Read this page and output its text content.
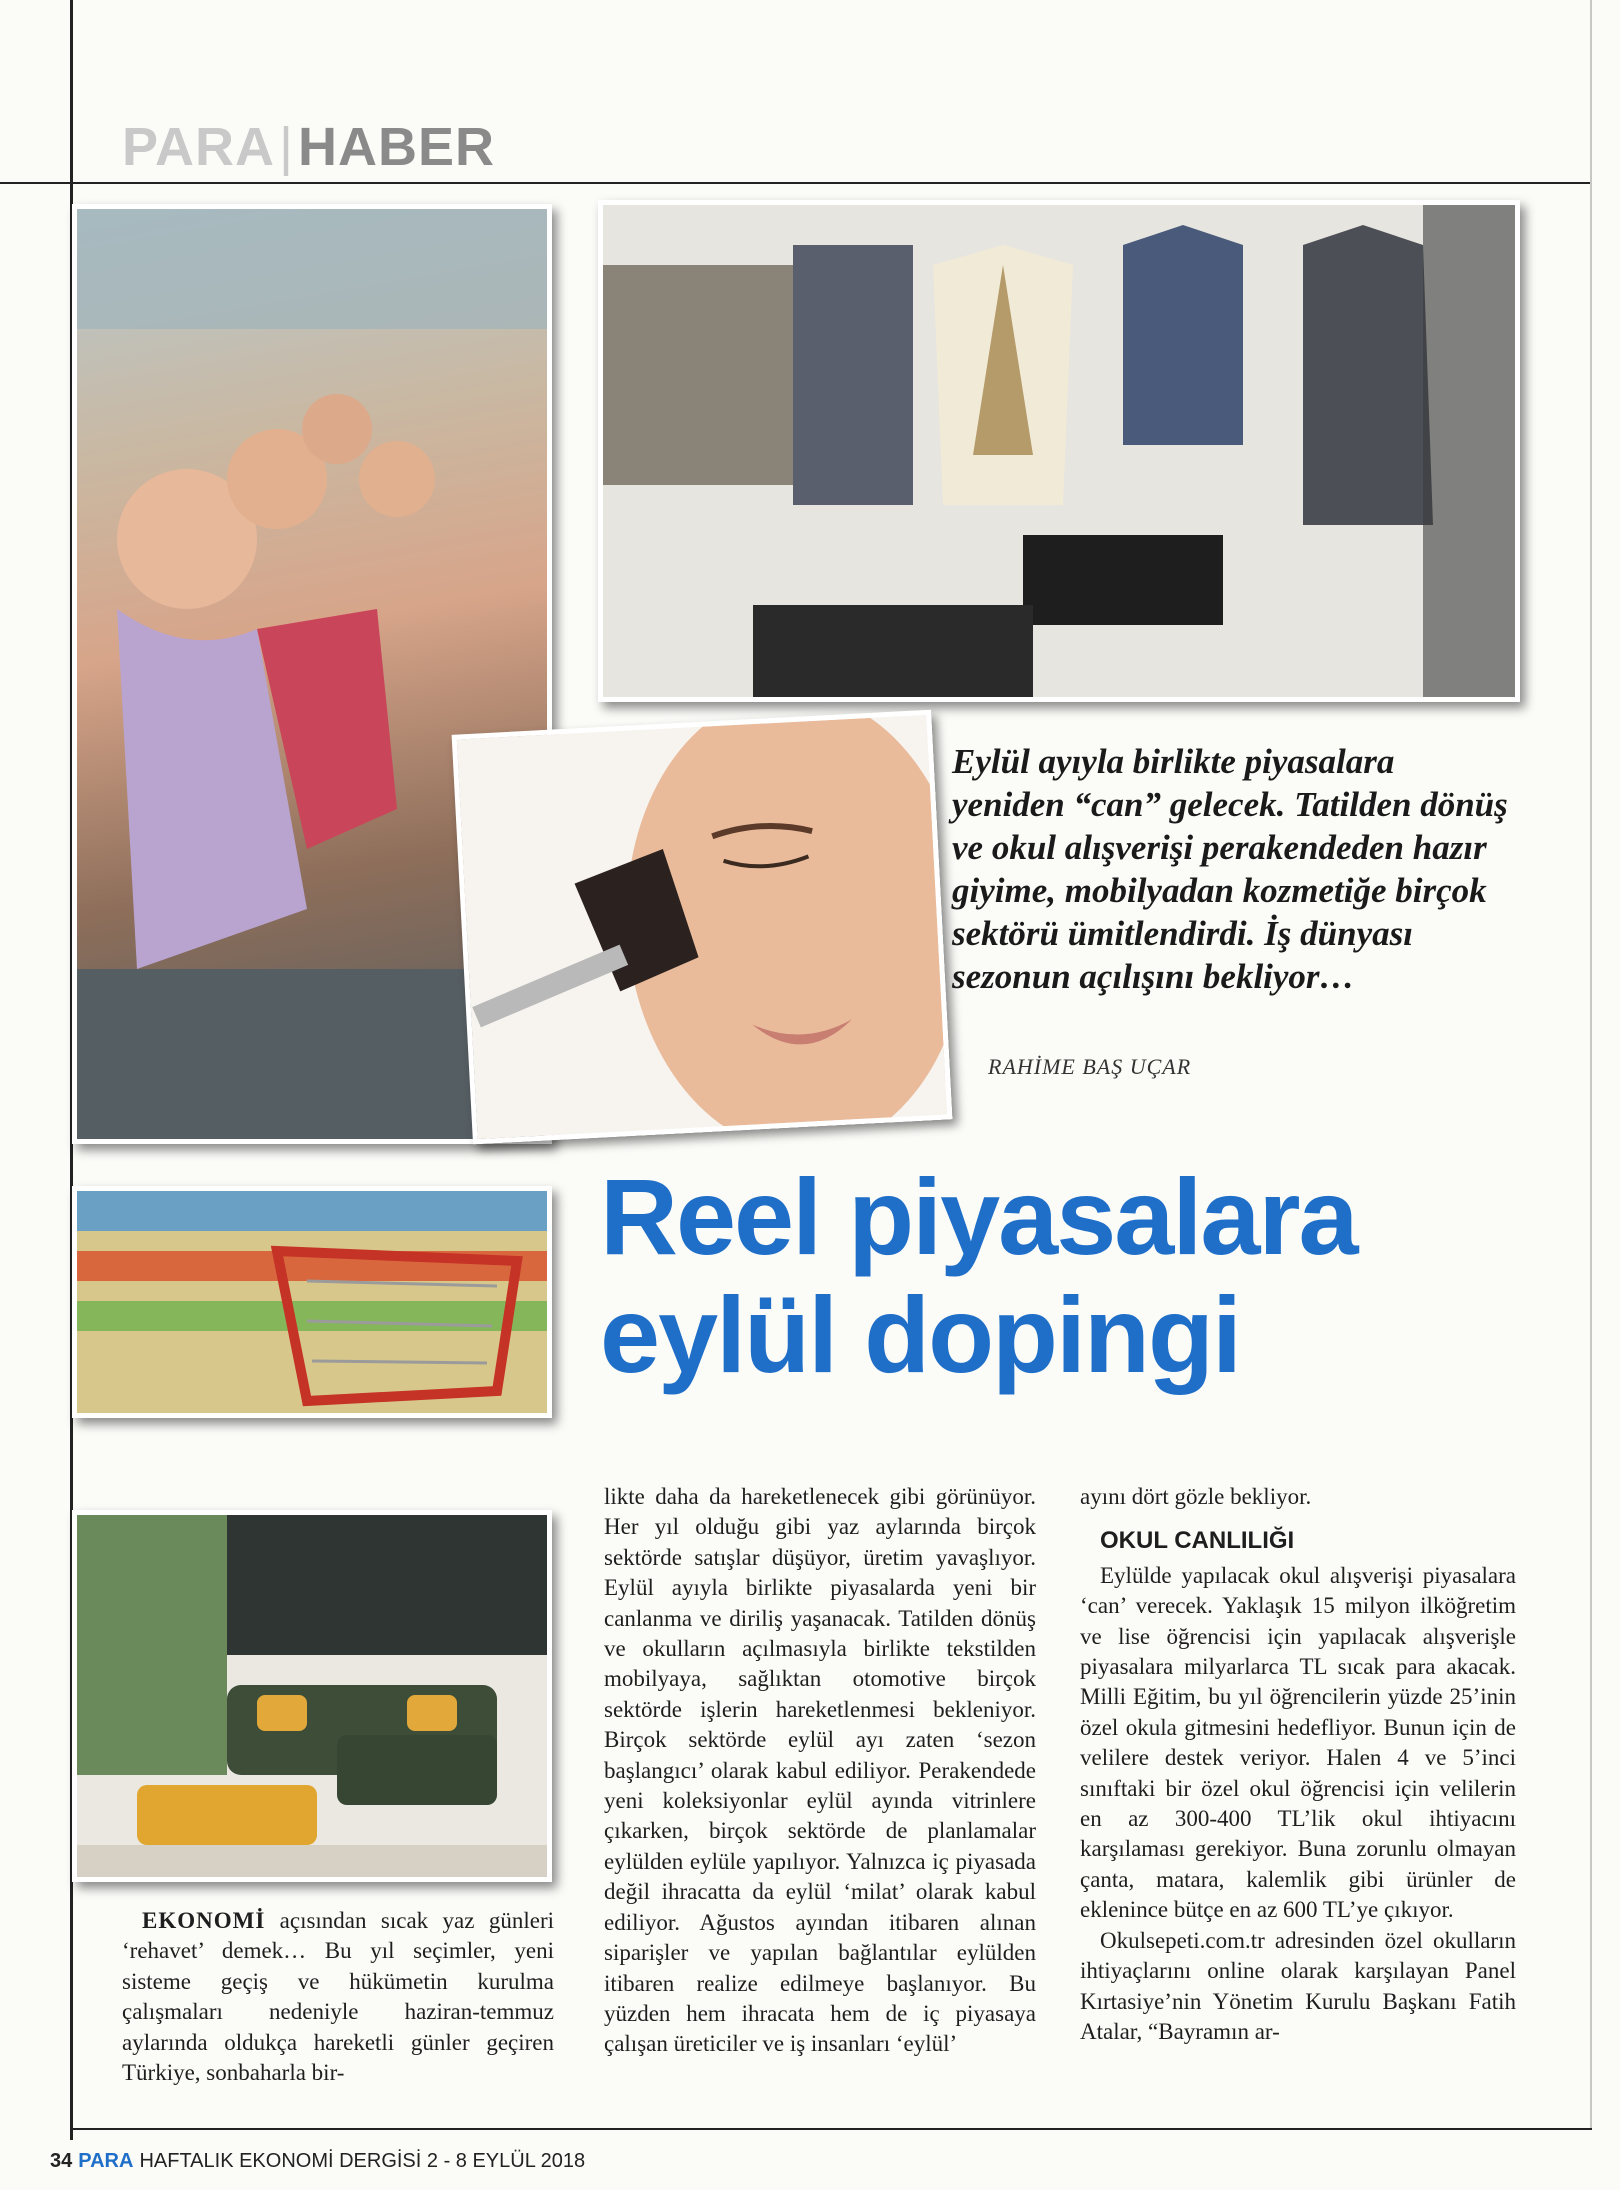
PARA|HABER
Eylül ayıyla birlikte piyasalara yeniden “can” gelecek. Tatilden dönüş ve okul alışverişi perakendeden hazır giyime, mobilyadan kozmetiğe birçok sektörü ümitlendirdi. İş dünyası sezonun açılışını bekliyor…
RAHİME BAŞ UÇAR
Reel piyasalara
eylül dopingi

EKONOMİ açısından sıcak yaz günleri ‘rehavet’ demek… Bu yıl seçimler, yeni sisteme geçiş ve hükümetin kurulma çalışmaları nedeniyle haziran-temmuz aylarında oldukça hareketli günler geçiren Türkiye, sonbaharla bir-

likte daha da hareketlenecek gibi görünüyor. Her yıl olduğu gibi yaz aylarında birçok sektörde satışlar düşüyor, üretim yavaşlıyor. Eylül ayıyla birlikte piyasalarda yeni bir canlanma ve diriliş yaşanacak. Tatilden dönüş ve okulların açılmasıyla birlikte tekstilden mobilyaya, sağlıktan otomotive birçok sektörde işlerin hareketlenmesi bekleniyor. Birçok sektörde eylül ayı zaten ‘sezon başlangıcı’ olarak kabul ediliyor. Perakendede yeni koleksiyonlar eylül ayında vitrinlere çıkarken, birçok sektörde de planlamalar eylülden eylüle yapılıyor. Yalnızca iç piyasada değil ihracatta da eylül ‘milat’ olarak kabul ediliyor. Ağustos ayından itibaren alınan siparişler ve yapılan bağlantılar eylülden itibaren realize edilmeye başlanıyor. Bu yüzden hem ihracata hem de iç piyasaya çalışan üreticiler ve iş insanları ‘eylül’

ayını dört gözle bekliyor.

OKUL CANLILIĞI

Eylülde yapılacak okul alışverişi piyasalara ‘can’ verecek. Yaklaşık 15 milyon ilköğretim ve lise öğrencisi için yapılacak alışverişle piyasalara milyarlarca TL sıcak para akacak. Milli Eğitim, bu yıl öğrencilerin yüzde 25’inin özel okula gitmesini hedefliyor. Bunun için de velilere destek veriyor. Halen 4 ve 5’inci sınıftaki bir özel okul öğrencisi için velilerin en az 300-400 TL’lik okul ihtiyacını karşılaması gerekiyor. Buna zorunlu olmayan çanta, matara, kalemlik gibi ürünler de eklenince bütçe en az 600 TL’ye çıkıyor.

Okulsepeti.com.tr adresinden özel okulların ihtiyaçlarını online olarak karşılayan Panel Kırtasiye’nin Yönetim Kurulu Başkanı Fatih Atalar, “Bayramın ar-

34 PARA HAFTALIK EKONOMİ DERGİSİ 2 - 8 EYLÜL 2018
